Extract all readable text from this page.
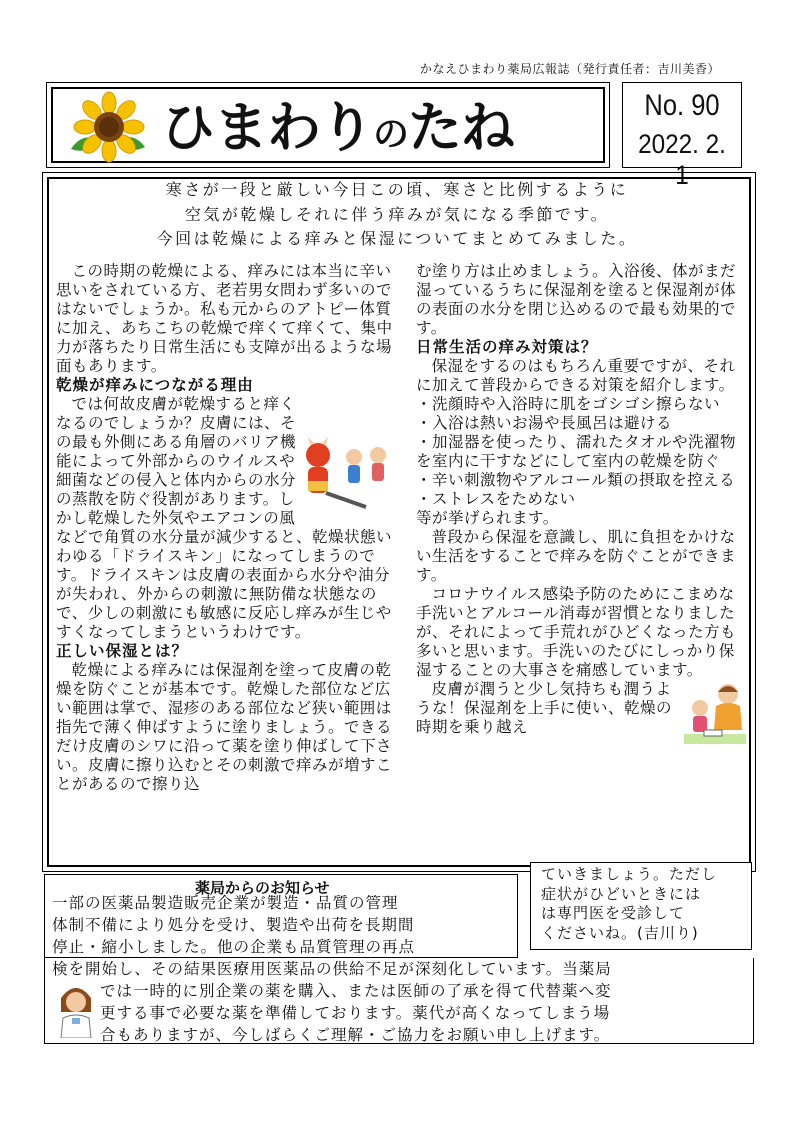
かなえひまわり薬局広報誌（発行責任者：吉川美香）
ひまわりのたね	No. 90
2022. 2. 1
寒さが一段と厳しい今日この頃、寒さと比例するように
空気が乾燥しそれに伴う痒みが気になる季節です。
今回は乾燥による痒みと保湿についてまとめてみました。

この時期の乾燥による、痒みには本当に辛い思いをされている方、老若男女問わず多いのではないでしょうか。私も元からのアトピー体質に加え、あちこちの乾燥で痒くて痒くて、集中力が落ちたり日常生活にも支障が出るような場面もあります。

乾燥が痒みにつながる理由

では何故皮膚が乾燥すると痒くなるのでしょうか？皮膚には、その最も外側にある角層のバリア機能によって外部からのウイルスや細菌などの侵入と体内からの水分の蒸散を防ぐ役割があります。しかし乾燥した外気やエアコンの風などで角質の水分量が減少すると、乾燥状態いわゆる「ドライスキン」になってしまうのです。ドライスキンは皮膚の表面から水分や油分が失われ、外からの刺激に無防備な状態なので、少しの刺激にも敏感に反応し痒みが生じやすくなってしまうというわけです。

正しい保湿とは？

乾燥による痒みには保湿剤を塗って皮膚の乾燥を防ぐことが基本です。乾燥した部位など広い範囲は掌で、湿疹のある部位など狭い範囲は指先で薄く伸ばすように塗りましょう。できるだけ皮膚のシワに沿って薬を塗り伸ばして下さい。皮膚に擦り込むとその刺激で痒みが増すことがあるので擦り込

む塗り方は止めましょう。入浴後、体がまだ湿っているうちに保湿剤を塗ると保湿剤が体の表面の水分を閉じ込めるので最も効果的です。

日常生活の痒み対策は？

保湿をするのはもちろん重要ですが、それに加えて普段からできる対策を紹介します。

・洗顔時や入浴時に肌をゴシゴシ擦らない

・入浴は熱いお湯や長風呂は避ける

・加湿器を使ったり、濡れたタオルや洗濯物を室内に干すなどにして室内の乾燥を防ぐ

・辛い刺激物やアルコール類の摂取を控える

・ストレスをためない

等が挙げられます。

普段から保湿を意識し、肌に負担をかけない生活をすることで痒みを防ぐことができます。

コロナウイルス感染予防のためにこまめな手洗いとアルコール消毒が習慣となりましたが、それによって手荒れがひどくなった方も多いと思います。手洗いのたびにしっかり保湿することの大事さを痛感しています。

皮膚が潤うと少し気持ちも潤うような！保湿剤を上手に使い、乾燥の時期を乗り越え

ていきましょう。ただし
症状がひどいときには
は専門医を受診して
くださいね。(吉川り)
薬局からのお知らせ
一部の医薬品製造販売企業が製造・品質の管理
体制不備により処分を受け、製造や出荷を長期間
停止・縮小しました。他の企業も品質管理の再点
検を開始し、その結果医療用医薬品の供給不足が深刻化しています。当薬局
では一時的に別企業の薬を購入、または医師の了承を得て代替薬へ変
更する事で必要な薬を準備しております。薬代が高くなってしまう場
合もありますが、今しばらくご理解・ご協力をお願い申し上げます。
